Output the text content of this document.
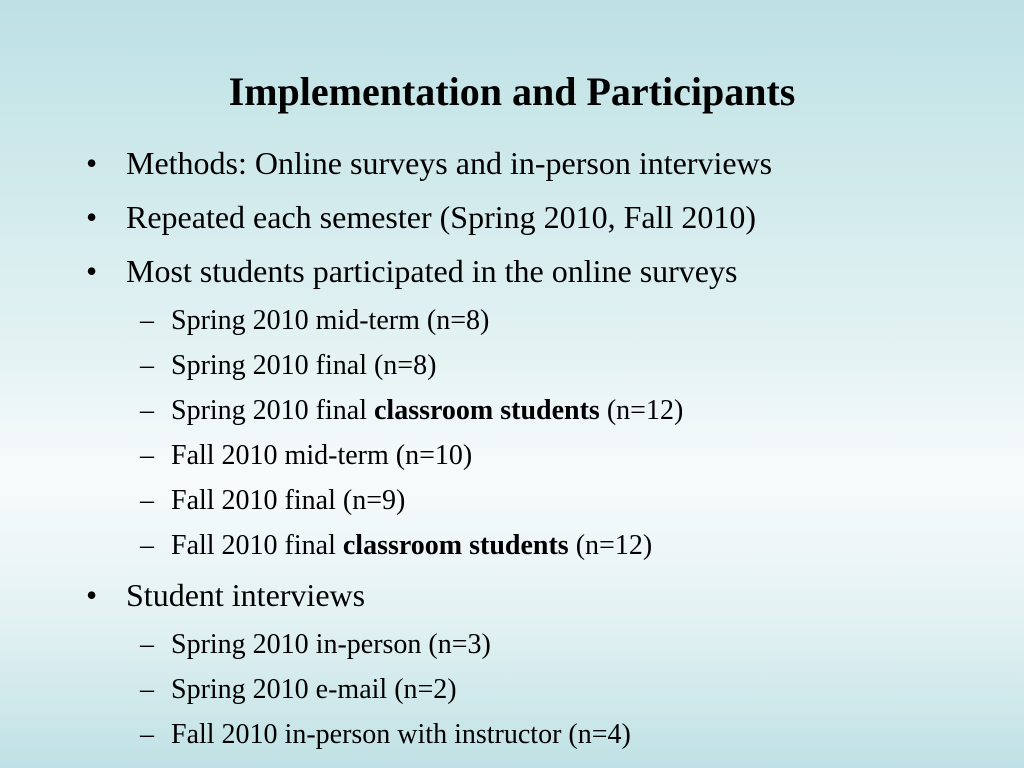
Implementation and Participants
• Methods: Online surveys and in-person interviews
• Repeated each semester (Spring 2010, Fall 2010)
• Most students participated in the online surveys
– Spring 2010 mid-term (n=8)
– Spring 2010 final (n=8)
– Spring 2010 final classroom students (n=12)
– Fall 2010 mid-term (n=10)
– Fall 2010 final (n=9)
– Fall 2010 final classroom students (n=12)
• Student interviews
– Spring 2010 in-person (n=3)
– Spring 2010 e-mail (n=2)
– Fall 2010 in-person with instructor (n=4)
